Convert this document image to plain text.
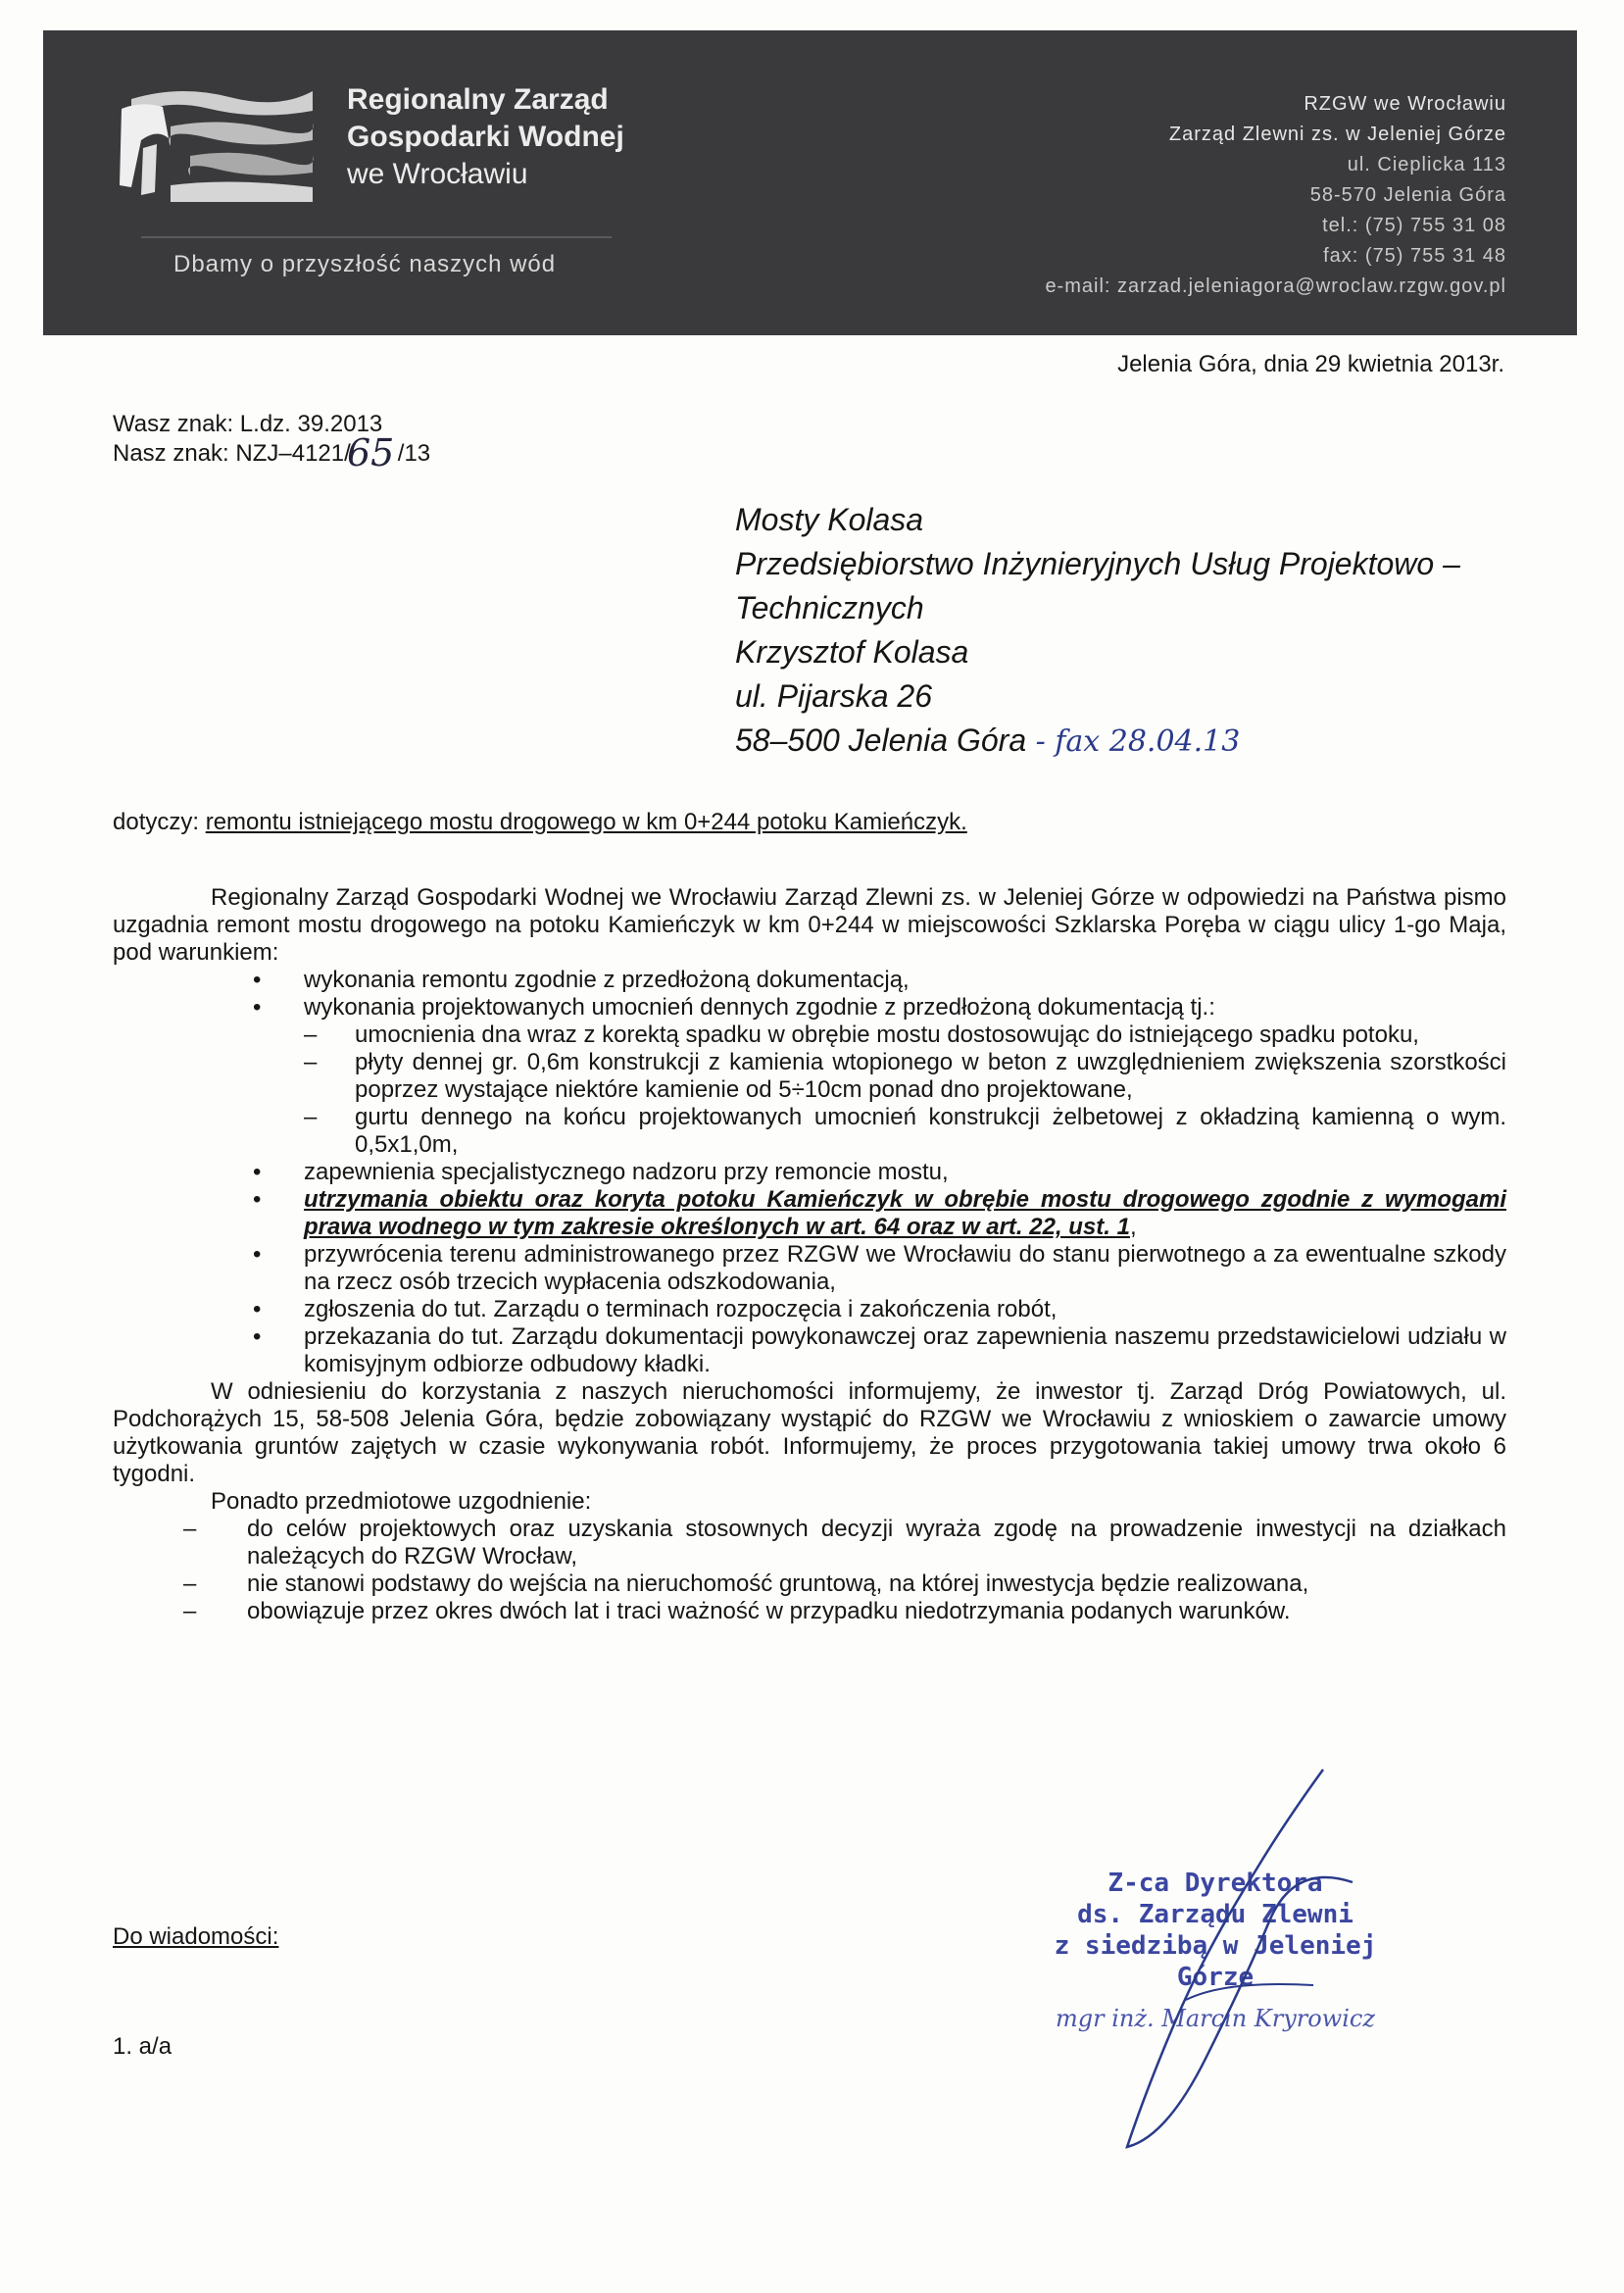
Regionalny Zarząd
Gospodarki Wodnej
we Wrocławiu
Dbamy o przyszłość naszych wód
RZGW we Wrocławiu
Zarząd Zlewni zs. w Jeleniej Górze
ul. Cieplicka 113
58-570 Jelenia Góra
tel.: (75) 755 31 08
fax: (75) 755 31 48
e-mail: zarzad.jeleniagora@wroclaw.rzgw.gov.pl
Jelenia Góra, dnia 29 kwietnia 2013r.
Wasz znak: L.dz. 39.2013
Nasz znak: NZJ–4121/ /13
65
Mosty Kolasa
Przedsiębiorstwo Inżynieryjnych Usług Projektowo –
Technicznych
Krzysztof Kolasa
ul. Pijarska 26
58–500 Jelenia Góra - fax 28.04.13
dotyczy: remontu istniejącego mostu drogowego w km 0+244 potoku Kamieńczyk.

Regionalny Zarząd Gospodarki Wodnej we Wrocławiu Zarząd Zlewni zs. w Jeleniej Górze w odpowiedzi na Państwa pismo uzgadnia remont mostu drogowego na potoku Kamieńczyk w km 0+244 w miejscowości Szklarska Poręba w ciągu ulicy 1-go Maja, pod warunkiem:

• wykonania remontu zgodnie z przedłożoną dokumentacją,

• wykonania projektowanych umocnień dennych zgodnie z przedłożoną dokumentacją tj.:

– umocnienia dna wraz z korektą spadku w obrębie mostu dostosowując do istniejącego spadku potoku,

– płyty dennej gr. 0,6m konstrukcji z kamienia wtopionego w beton z uwzględnieniem zwiększenia szorstkości poprzez wystające niektóre kamienie od 5÷10cm ponad dno projektowane,

– gurtu dennego na końcu projektowanych umocnień konstrukcji żelbetowej z okładziną kamienną o wym. 0,5x1,0m,

• zapewnienia specjalistycznego nadzoru przy remoncie mostu,

• utrzymania obiektu oraz koryta potoku Kamieńczyk w obrębie mostu drogowego zgodnie z wymogami prawa wodnego w tym zakresie określonych w art. 64 oraz w art. 22, ust. 1,

• przywrócenia terenu administrowanego przez RZGW we Wrocławiu do stanu pierwotnego a za ewentualne szkody na rzecz osób trzecich wypłacenia odszkodowania,

• zgłoszenia do tut. Zarządu o terminach rozpoczęcia i zakończenia robót,

• przekazania do tut. Zarządu dokumentacji powykonawczej oraz zapewnienia naszemu przedstawicielowi udziału w komisyjnym odbiorze odbudowy kładki.

W odniesieniu do korzystania z naszych nieruchomości informujemy, że inwestor tj. Zarząd Dróg Powiatowych, ul. Podchorążych 15, 58-508 Jelenia Góra, będzie zobowiązany wystąpić do RZGW we Wrocławiu z wnioskiem o zawarcie umowy użytkowania gruntów zajętych w czasie wykonywania robót. Informujemy, że proces przygotowania takiej umowy trwa około 6 tygodni.

Ponadto przedmiotowe uzgodnienie:

– do celów projektowych oraz uzyskania stosownych decyzji wyraża zgodę na prowadzenie inwestycji na działkach należących do RZGW Wrocław,

– nie stanowi podstawy do wejścia na nieruchomość gruntową, na której inwestycja będzie realizowana,

– obowiązuje przez okres dwóch lat i traci ważność w przypadku niedotrzymania podanych warunków.

Do wiadomości:
1. a/a
Z-ca Dyrektora
ds. Zarządu Zlewni
z siedzibą w Jeleniej Górze
mgr inż. Marcin Kryrowicz
